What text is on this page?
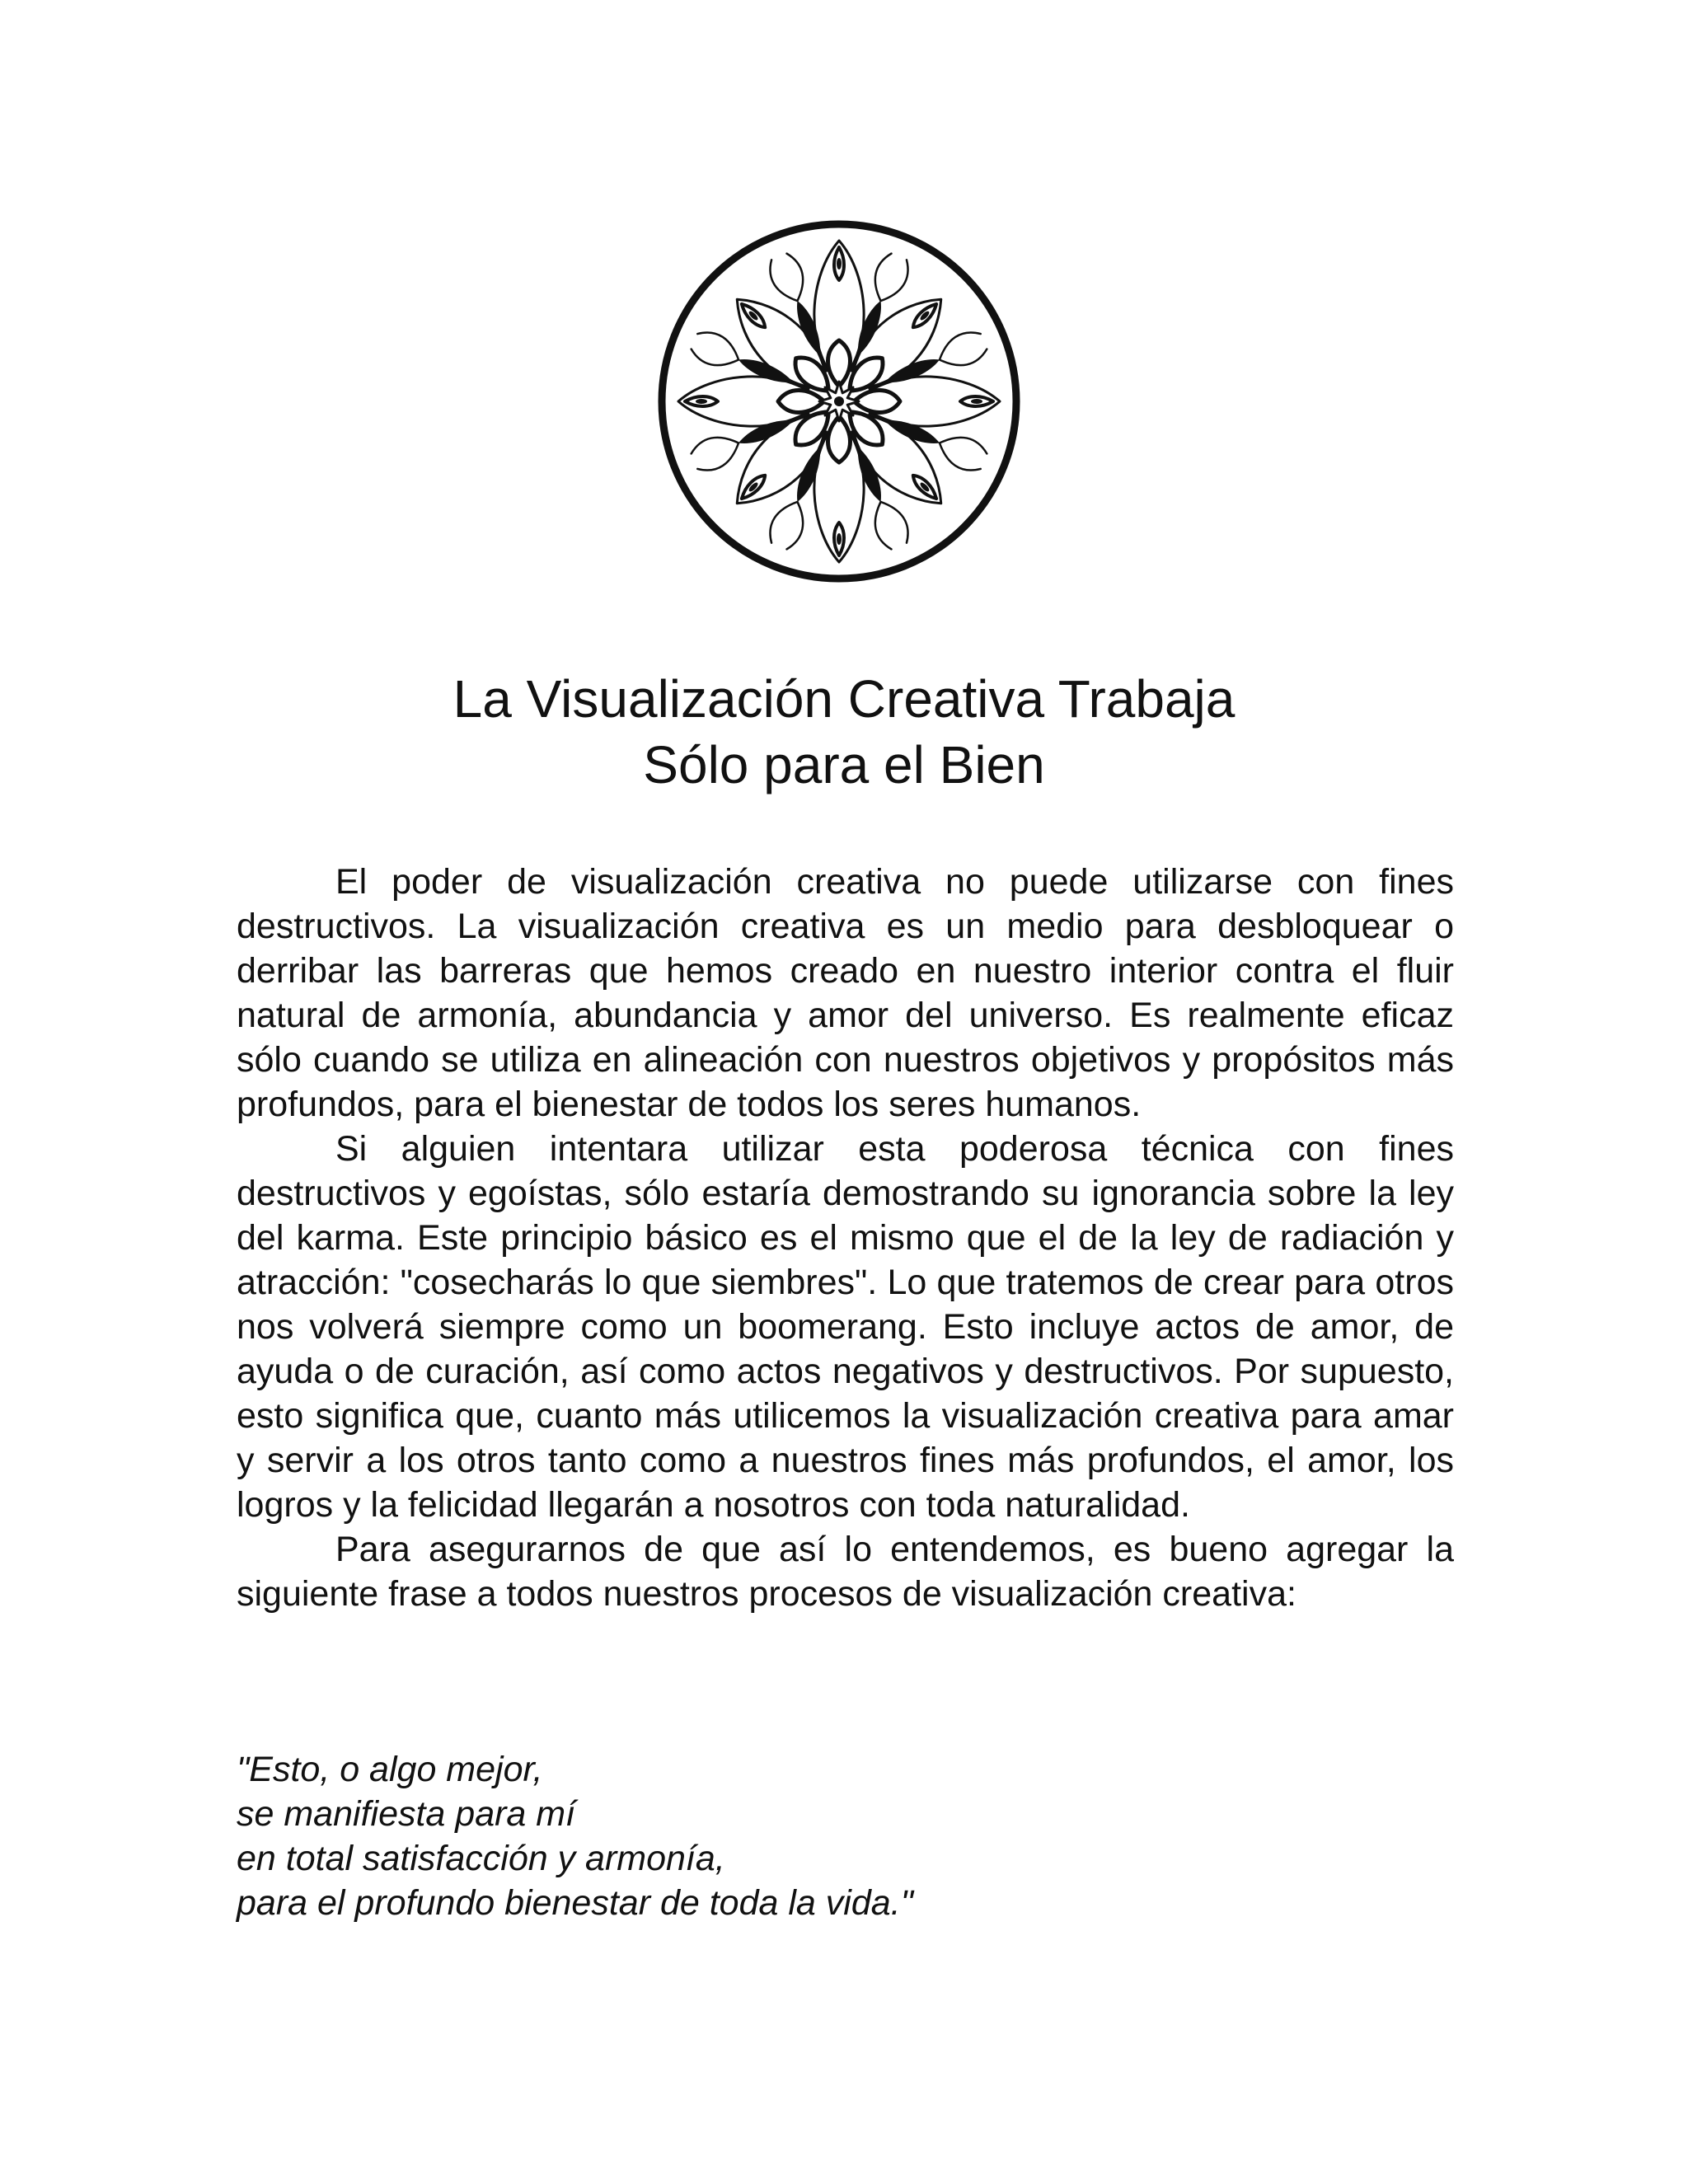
La Visualización Creativa Trabaja
Sólo para el Bien

El poder de visualización creativa no puede utilizarse con fines destructivos. La visualización creativa es un medio para desbloquear o derribar las barreras que hemos creado en nuestro interior contra el fluir natural de armonía, abundancia y amor del universo. Es realmente eficaz sólo cuando se utiliza en alineación con nuestros objetivos y propósitos más profundos, para el bienestar de todos los seres humanos.

Si alguien intentara utilizar esta poderosa técnica con fines destructivos y egoístas, sólo estaría demostrando su ignorancia sobre la ley del karma. Este principio básico es el mismo que el de la ley de radiación y atracción: "cosecharás lo que siembres". Lo que tratemos de crear para otros nos volverá siempre como un boomerang. Esto incluye actos de amor, de ayuda o de curación, así como actos negativos y destructivos. Por supuesto, esto significa que, cuanto más utilicemos la visualización creativa para amar y servir a los otros tanto como a nuestros fines más profundos, el amor, los logros y la felicidad llegarán a nosotros con toda naturalidad.

Para asegurarnos de que así lo entendemos, es bueno agregar la siguiente frase a todos nuestros procesos de visualización creativa:

"Esto, o algo mejor,
se manifiesta para mí
en total satisfacción y armonía,
para el profundo bienestar de toda la vida."
